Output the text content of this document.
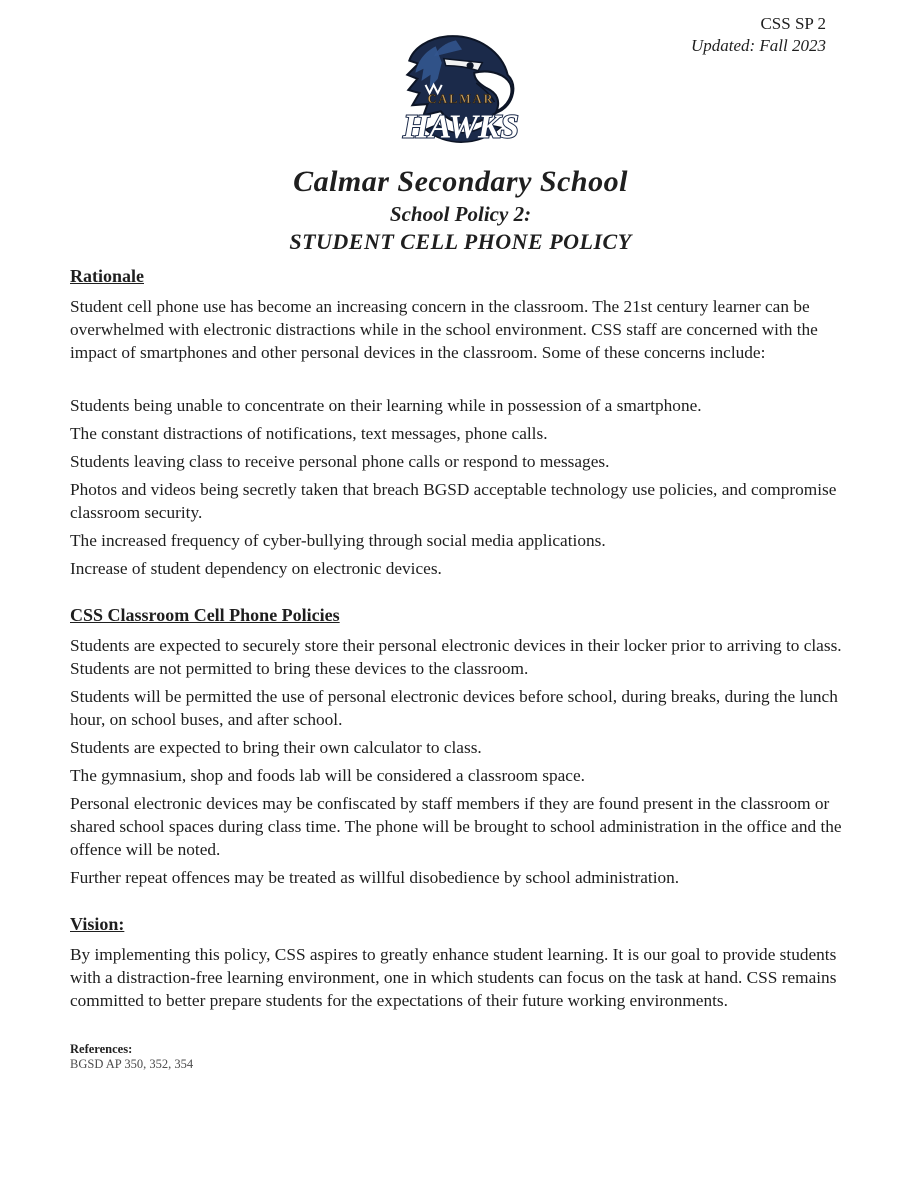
CSS SP 2
Updated: Fall 2023
CALMAR
HAWKS
Calmar Secondary School
School Policy 2:
STUDENT CELL PHONE POLICY
Rationale

Student cell phone use has become an increasing concern in the classroom. The 21st century learner can be overwhelmed with electronic distractions while in the school environment. CSS staff are concerned with the impact of smartphones and other personal devices in the classroom. Some of these concerns include:

Students being unable to concentrate on their learning while in possession of a smartphone.

The constant distractions of notifications, text messages, phone calls.

Students leaving class to receive personal phone calls or respond to messages.

Photos and videos being secretly taken that breach BGSD acceptable technology use policies, and compromise classroom security.

The increased frequency of cyber-bullying through social media applications.

Increase of student dependency on electronic devices.

CSS Classroom Cell Phone Policies

Students are expected to securely store their personal electronic devices in their locker prior to arriving to class. Students are not permitted to bring these devices to the classroom.

Students will be permitted the use of personal electronic devices before school, during breaks, during the lunch hour, on school buses, and after school.

Students are expected to bring their own calculator to class.

The gymnasium, shop and foods lab will be considered a classroom space.

Personal electronic devices may be confiscated by staff members if they are found present in the classroom or shared school spaces during class time. The phone will be brought to school administration in the office and the offence will be noted.

Further repeat offences may be treated as willful disobedience by school administration.

Vision:

By implementing this policy, CSS aspires to greatly enhance student learning. It is our goal to provide students with a distraction-free learning environment, one in which students can focus on the task at hand. CSS remains committed to better prepare students for the expectations of their future working environments.

References:
BGSD AP 350, 352, 354
